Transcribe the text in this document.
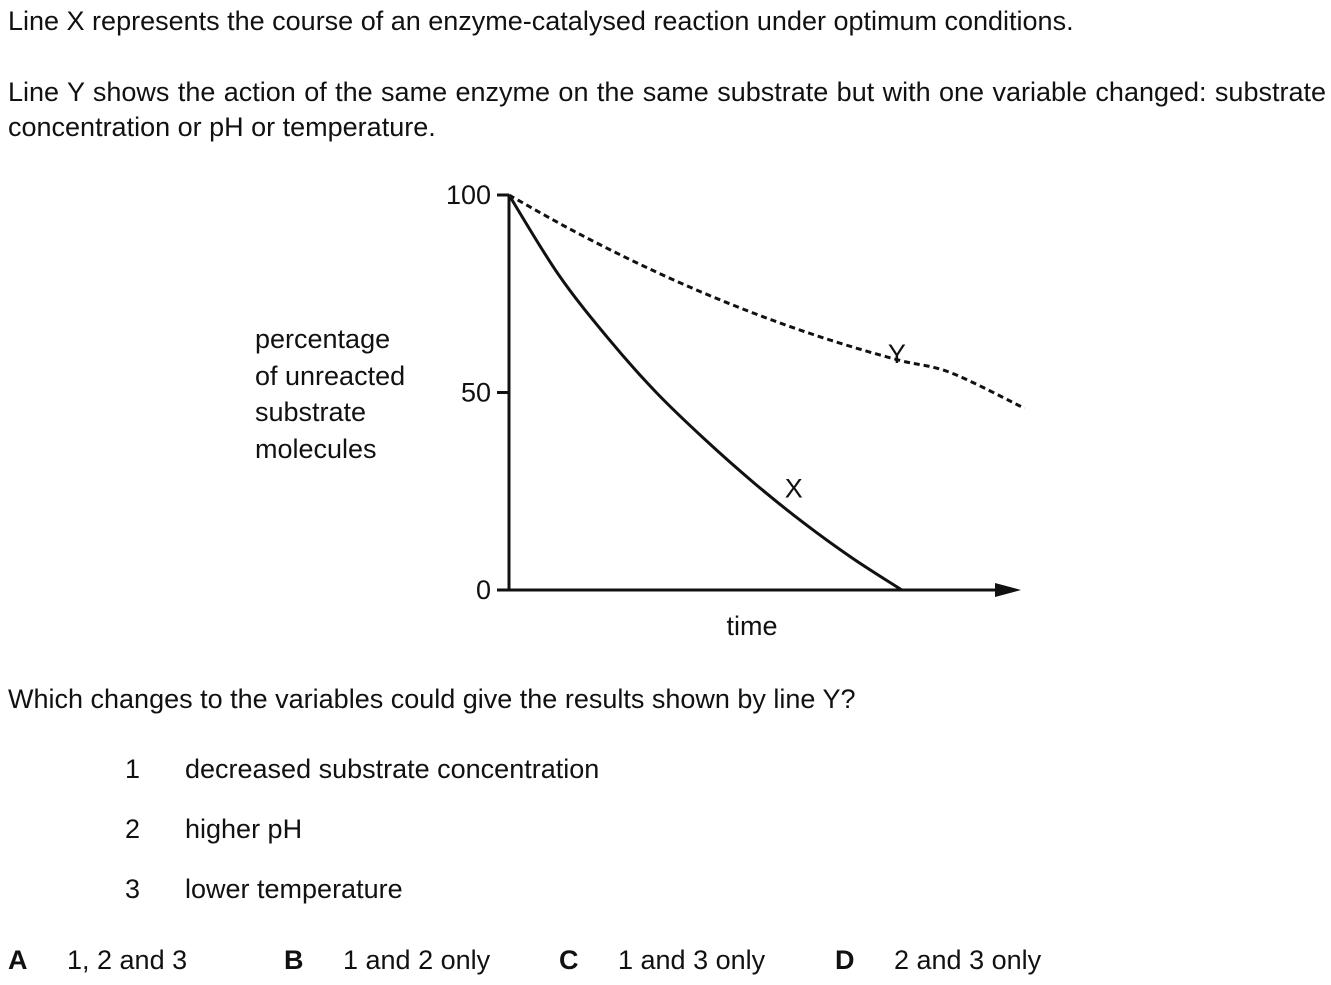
Line X represents the course of an enzyme-catalysed reaction under optimum conditions.

Line Y shows the action of the same enzyme on the same substrate but with one variable changed: substrate concentration or pH or temperature.

0
50
100
Y
X
time
percentage
of unreacted
substrate
molecules

Which changes to the variables could give the results shown by line Y?

1 decreased substrate concentration
2 higher pH
3 lower temperature
A 1, 2 and 3	B 1 and 2 only	C 1 and 3 only	D 2 and 3 only
